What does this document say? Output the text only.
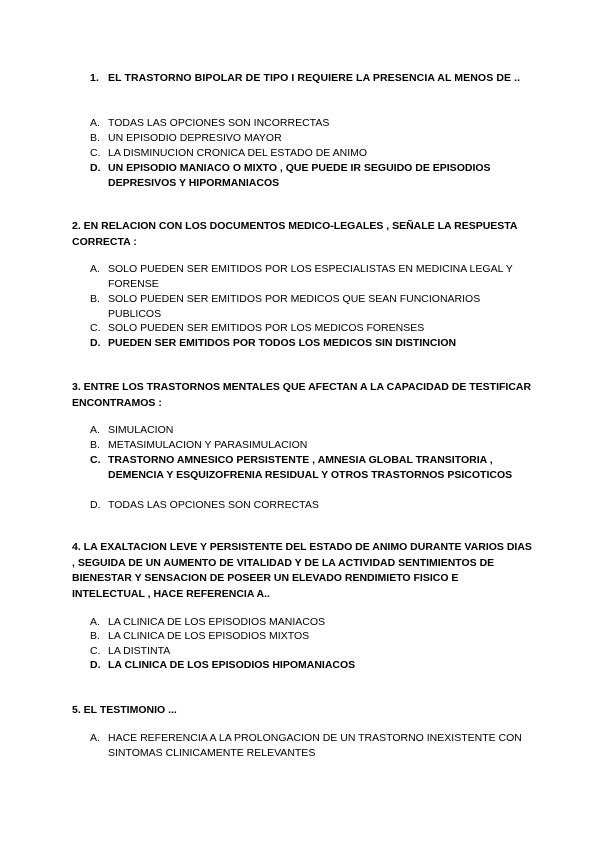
1. EL TRASTORNO BIPOLAR DE TIPO I REQUIERE LA PRESENCIA AL MENOS DE ..
A. TODAS LAS OPCIONES SON INCORRECTAS
B. UN EPISODIO DEPRESIVO MAYOR
C. LA DISMINUCION CRONICA DEL ESTADO DE ANIMO
D. UN EPISODIO MANIACO O MIXTO , QUE PUEDE IR SEGUIDO DE EPISODIOS DEPRESIVOS Y HIPORMANIACOS
2. EN RELACION CON LOS DOCUMENTOS MEDICO-LEGALES , SEÑALE LA RESPUESTA CORRECTA :
A. SOLO PUEDEN SER EMITIDOS POR LOS ESPECIALISTAS EN MEDICINA LEGAL Y FORENSE
B. SOLO PUEDEN SER EMITIDOS POR MEDICOS QUE SEAN FUNCIONARIOS PUBLICOS
C. SOLO PUEDEN SER EMITIDOS POR LOS MEDICOS FORENSES
D. PUEDEN SER EMITIDOS POR TODOS LOS MEDICOS SIN DISTINCION
3. ENTRE LOS TRASTORNOS MENTALES QUE AFECTAN A LA CAPACIDAD DE TESTIFICAR ENCONTRAMOS :
A. SIMULACION
B. METASIMULACION Y PARASIMULACION
C. TRASTORNO AMNESICO PERSISTENTE , AMNESIA GLOBAL TRANSITORIA , DEMENCIA Y ESQUIZOFRENIA RESIDUAL Y OTROS TRASTORNOS PSICOTICOS
D. TODAS LAS OPCIONES SON CORRECTAS
4. LA EXALTACION LEVE Y PERSISTENTE DEL ESTADO DE ANIMO DURANTE VARIOS DIAS , SEGUIDA DE UN AUMENTO DE VITALIDAD Y DE LA ACTIVIDAD SENTIMIENTOS DE BIENESTAR Y SENSACION DE POSEER UN ELEVADO RENDIMIETO FISICO E INTELECTUAL , HACE REFERENCIA A..
A. LA CLINICA DE LOS EPISODIOS MANIACOS
B. LA CLINICA DE LOS EPISODIOS MIXTOS
C. LA DISTINTA
D. LA CLINICA DE LOS EPISODIOS HIPOMANIACOS
5. EL TESTIMONIO ...
A. HACE REFERENCIA A LA PROLONGACION DE UN TRASTORNO INEXISTENTE CON SINTOMAS CLINICAMENTE RELEVANTES
